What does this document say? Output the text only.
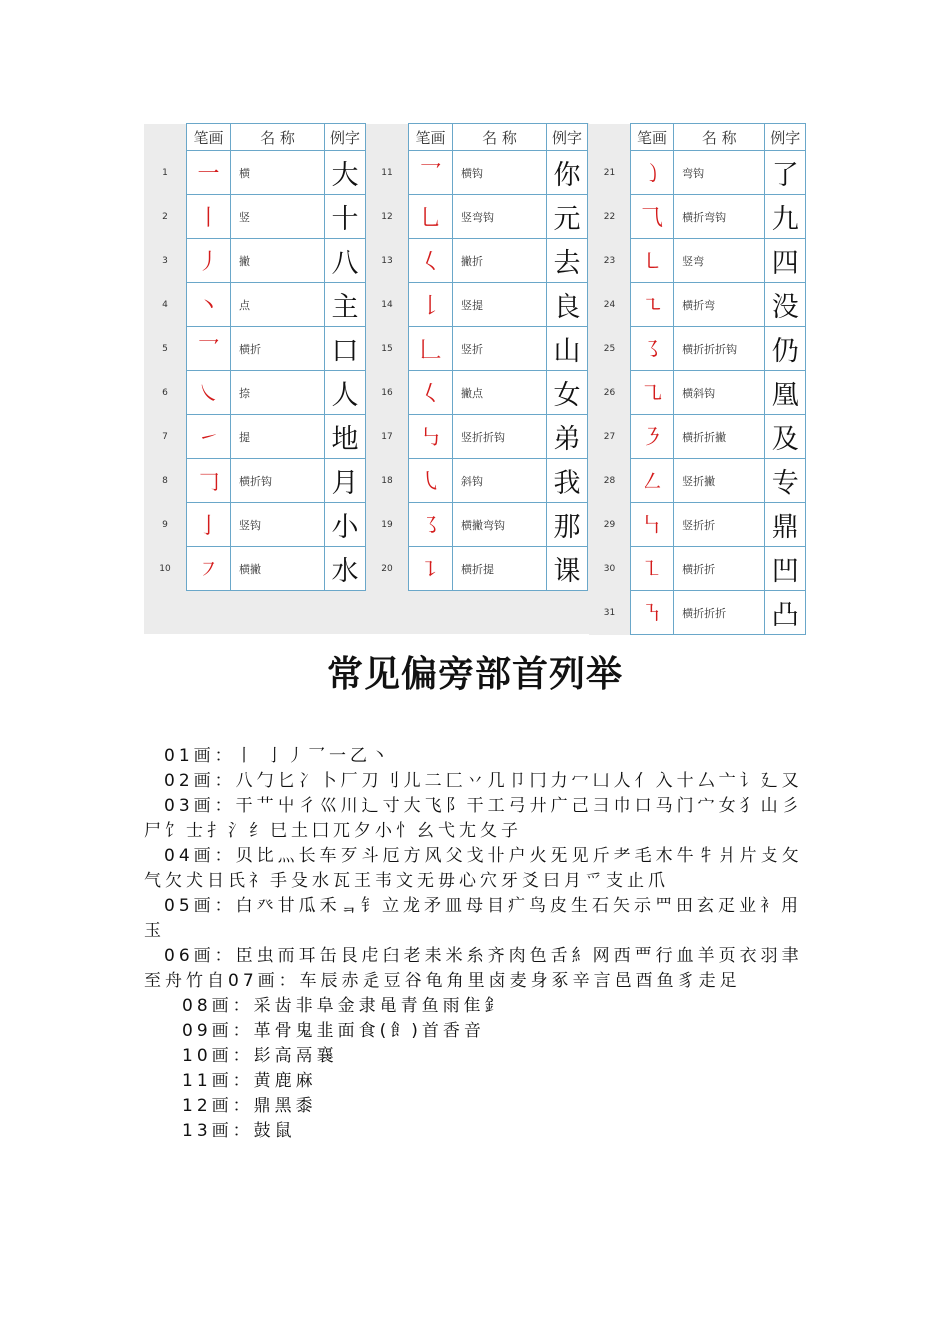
	笔画	名 称	例字
1	一	横	大
2	丨	竖	十
3	丿	撇	八
4	丶	点	主
5	乛	横折	口
6	㇏	捺	人
7	㇀	提	地
8	𠃌	横折钩	月
9	亅	竖钩	小
10	㇇	横撇	水
	笔画	名 称	例字
11	乛	横钩	你
12	乚	竖弯钩	元
13	𡿨	撇折	去
14	𠄌	竖提	良
15	𠃊	竖折	山
16	𡿨	撇点	女
17	㇉	竖折折钩	弟
18	㇂	斜钩	我
19	㇌	横撇弯钩	那
20	㇊	横折提	课
	笔画	名 称	例字
21	㇁	弯钩	了
22	⺄	横折弯钩	九
23	㇄	竖弯	四
24	㇍	横折弯	没
25	㇌	横折折折钩	仍
26	㇈	横斜钩	凰
27	㇋	横折折撇	及
28	㇜	竖折撇	专
29	㇞	竖折折	鼎
30	㇅	横折折	凹
31	㇎	横折折折	凸
常见偏旁部首列举

01画：丨 亅丿乛一乙丶

02画：八勹匕冫卜厂刀刂儿二匚丷几卩冂力冖凵人亻入十厶亠讠廴又

03画：干艹屮彳巛川辶寸大飞阝干工弓廾广己彐巾口马门宀女犭山彡尸饣士扌氵纟巳土囗兀夕小忄幺弋尢夂子

04画：贝比灬长车歹斗厄方风父戈卝户火旡见斤耂毛木牛牜爿片攴攵气欠犬日氏礻手殳水瓦王韦文无毋心穴牙爻曰月爫支止爪

05画：白癶甘瓜禾ᆿ钅立龙矛皿母目疒鸟皮生石矢示罒田玄疋业衤用玉

06画：臣虫而耳缶艮虍臼老耒米糸齐肉色舌糹网西覀行血羊页衣羽聿至舟竹自07画：车辰赤辵豆谷龟角里卤麦身豖辛言邑酉鱼豸走足

08画：采齿非阜金隶黾青鱼雨隹釒

09画：革骨鬼韭面食(飠)首香音

10画：髟高鬲襄

11画：黄鹿麻

12画：鼎黑黍

13画：鼓鼠
